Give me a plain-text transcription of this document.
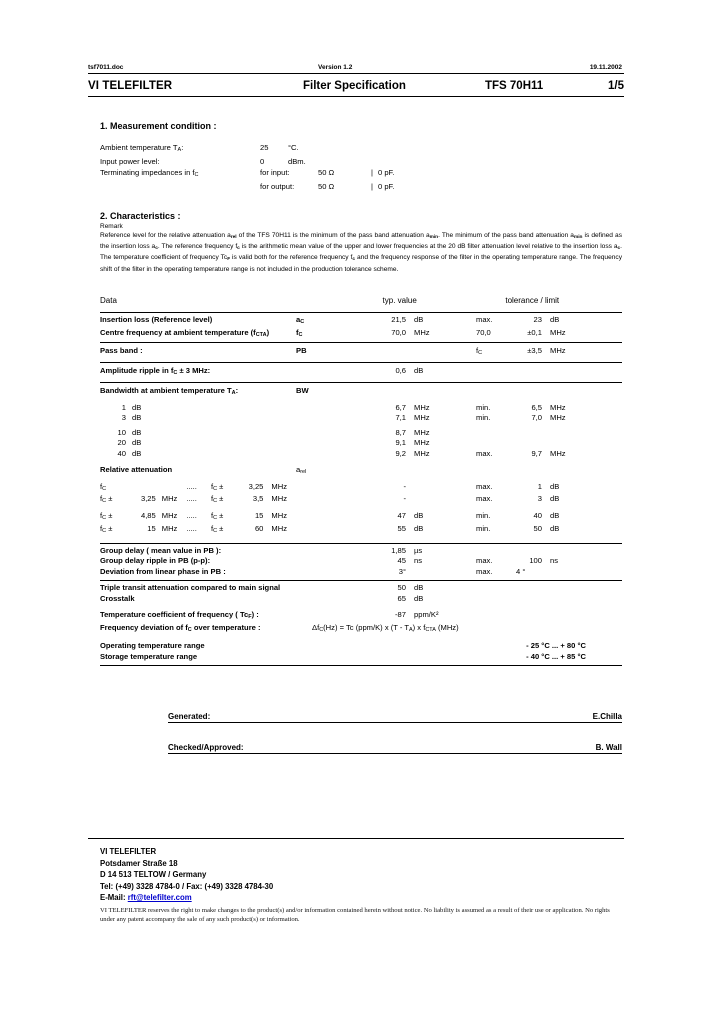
tsf7011.doc	Version 1.2	19.11.2002
VI TELEFILTER	Filter Specification	TFS 70H11	1/5
1. Measurement condition :
Ambient temperature $T_A$:	25	°C.
Input power level:	0	dBm.
Terminating impedances in $f_C$	for input:	50 Ω	| 0 pF.
for output:	50 Ω	| 0 pF.
2. Characteristics :
Remark
Reference level for the relative attenuation $a_{rel}$ of the TFS 70H11 is the minimum of the pass band attenuation $a_{min}$. The minimum of the pass band attenuation $a_{min}$ is defined as the insertion loss $a_c$. The reference frequency $f_c$ is the arithmetic mean value of the upper and lower frequencies at the 20 dB filter attenuation level relative to the insertion loss $a_c$. The temperature coefficient of frequency $Tc_F$ is valid both for the reference frequency $f_c$ and the frequency response of the filter in the operating temperature range. The frequency shift of the filter in the operating temperature range is not included in the production tolerance scheme.
Data	typ. value	tolerance / limit
Insertion loss (Reference level)	$a_C$	21,5	dB	max.	23	dB
Centre frequency at ambient temperature $(f_{CTA})$	$f_C$	70,0	MHz	70,0	±0,1	MHz
Pass band :	PB	$f_C$	±3,5	MHz
Amplitude ripple in $f_C \pm 3$ MHz:	0,6	dB
Bandwidth at ambient temperature $T_A$:	BW
1 dB	6,7	MHz	min.	6,5	MHz
3 dB	7,1	MHz	min.	7,0	MHz
10 dB	8,7	MHz
20 dB	9,1	MHz
40 dB	9,2	MHz	max.	9,7	MHz
Relative attenuation	$a_{rel}$
$f_C$	.....	$f_C$ ±	3,25	MHz	-	max.	1	dB
$f_C$ ±	3,25 MHz	.....	$f_C$ ±	3,5	MHz	-	max.	3	dB
$f_C$ ±	4,85 MHz	.....	$f_C$ ±	15	MHz	47	dB	min.	40	dB
$f_C$ ±	15 MHz	.....	$f_C$ ±	60	MHz	55	dB	min.	50	dB
Group delay ( mean value in PB ):	1,85	µs
Group delay ripple in PB (p-p):	45	ns	max.	100	ns
Deviation from linear phase in PB :	3°	max.	4 °
Triple transit attenuation compared to main signal	50	dB
Crosstalk	65	dB
Temperature coefficient of frequency ( $Tc_F$) :	-87	ppm/K²
Frequency deviation of $f_C$ over temperature :	$\Delta f_C(Hz) = Tc$ (ppm/K) x $(T - T_A)$ x $f_{CTA}$ (MHz)
Operating temperature range	- 25 °C ... + 80 °C
Storage temperature range	- 40 °C ... + 85 °C
Generated:	E.Chilla
Checked/Approved:	B. Wall
VI TELEFILTER
Potsdamer Straße 18
D 14 513 TELTOW / Germany
Tel: (+49) 3328 4784-0 / Fax: (+49) 3328 4784-30
E-Mail: rft@telefilter.com
VI TELEFILTER reserves the right to make changes to the product(s) and/or information contained herein without notice. No liability is assumed as a result of their use or application. No rights under any patent accompany the sale of any such product(s) or information.
